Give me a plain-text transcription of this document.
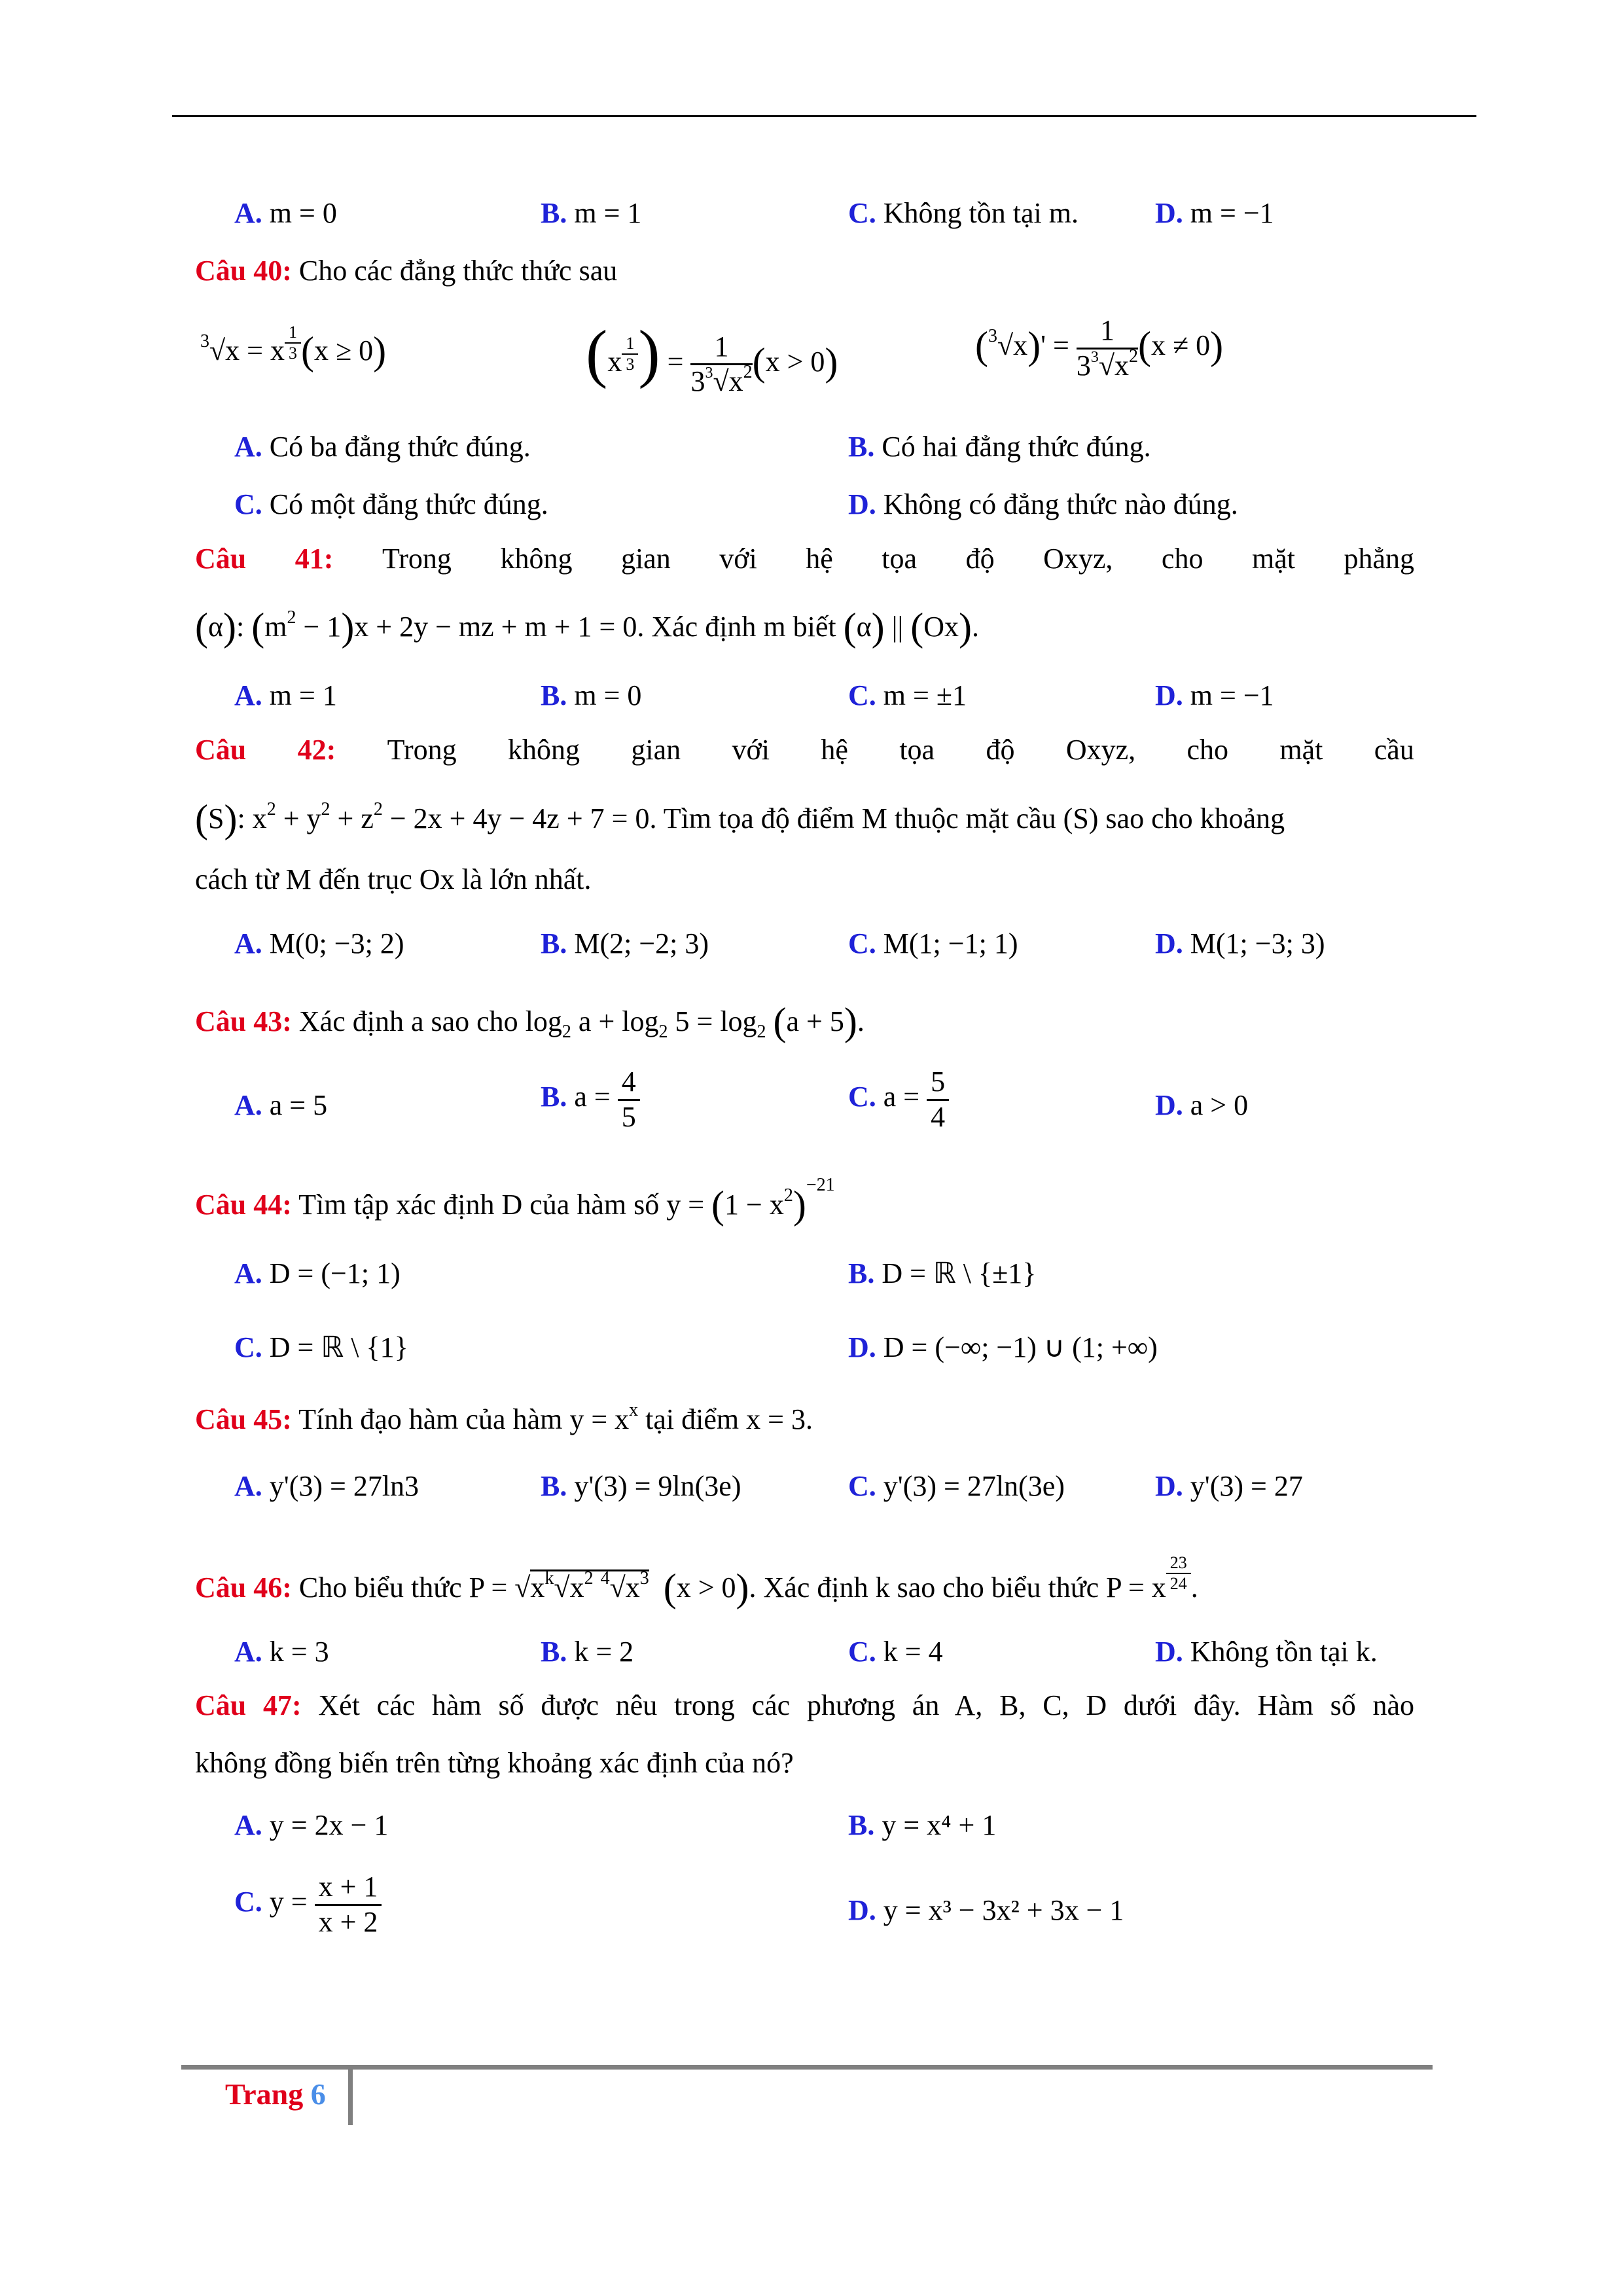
A. m = 0	B. m = 1	C. Không tồn tại m.	D. m = −1
Câu 40: Cho các đẳng thức thức sau
$^3$√x = x $^{\frac{1}{3}}$ (x ≥ 0)	(x $^{\frac{1}{3}}$ ) = $\frac{1}{3^3√x^2} (x > 0)$	$(^3√x)' = \frac{1}{3^3√x^2} (x \ne 0)$
A. Có ba đẳng thức đúng.	B. Có hai đẳng thức đúng.
C. Có một đẳng thức đúng.	D. Không có đẳng thức nào đúng.
Câu 41: Trong không gian với hệ tọa độ Oxyz, cho mặt phẳng
(α): $(m^2 - 1)x + 2y$ − mz + m + 1 = 0. Xác định m biết (α) || (Ox).
A. m = 1	B. m = 0	C. m = ±1	D. m = −1
Câu 42: Trong không gian với hệ tọa độ Oxyz, cho mặt cầu
(S): $x^2 + y^2 + z^2 - 2x + 4y - 4z + 7 = 0$. Tìm tọa độ điểm M thuộc mặt cầu (S) sao cho khoảng
cách từ M đến trục Ox là lớn nhất.
A. M(0; −3; 2)	B. M(2; −2; 3)	C. M(1; −1; 1)	D. M(1; −3; 3)
Câu 43: Xác định a sao cho $\log_2 a + \log_2 5 = \log_2 (a + 5)$.
A. a = 5	B. $a = \frac{4}{5}$	C. $a = \frac{5}{4}$	D. a > 0
Câu 44: Tìm tập xác định D của hàm số $y = (1 - x^2)^{-21}$
A. D = (−1; 1)	B. D = ℝ \ {±1}
C. D = ℝ \ {1}	D. D = (−∞; −1) ∪ (1; +∞)
Câu 45: Tính đạo hàm của hàm $y = x^x$ tại điểm x = 3.
A. y'(3) = 27ln3	B. y'(3) = 9ln(3e)	C. y'(3) = 27ln(3e)	D. y'(3) = 27
Câu 46: Cho biểu thức $P = √x^k√x^2$ $^4√x^3$ (x > 0). Xác định k sao cho biểu thức P = x $^{\frac{23}{24}}$ .
A. k = 3	B. k = 2	C. k = 4	D. Không tồn tại k.
Câu 47: Xét các hàm số được nêu trong các phương án A, B, C, D dưới đây. Hàm số nào
không đồng biến trên từng khoảng xác định của nó?
A. y = 2x − 1	B. y = x⁴ + 1
C. $y = \frac{x + 1}{x + 2}$	D. y = x³ − 3x² + 3x − 1
Trang 6
